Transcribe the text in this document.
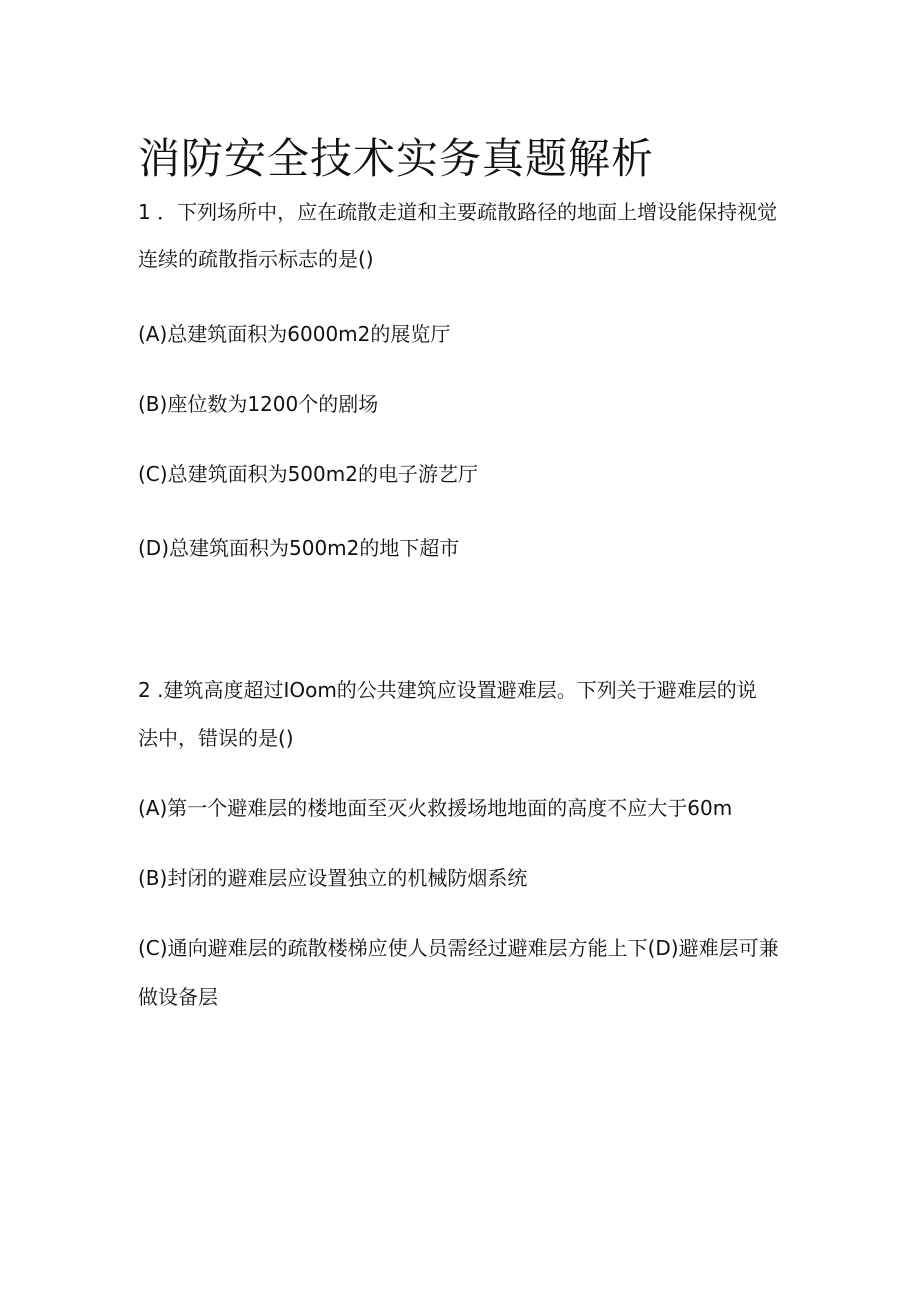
消防安全技术实务真题解析
1 ．下列场所中，应在疏散走道和主要疏散路径的地面上增设能保持视觉
连续的疏散指示标志的是()
(A)总建筑面积为6000m2的展览厅
(B)座位数为1200个的剧场
(C)总建筑面积为500m2的电子游艺厅
(D)总建筑面积为500m2的地下超市
2 .建筑高度超过IOom的公共建筑应设置避难层。下列关于避难层的说
法中，错误的是()
(A)第一个避难层的楼地面至灭火救援场地地面的高度不应大于60m
(B)封闭的避难层应设置独立的机械防烟系统
(C)通向避难层的疏散楼梯应使人员需经过避难层方能上下(D)避难层可兼
做设备层
